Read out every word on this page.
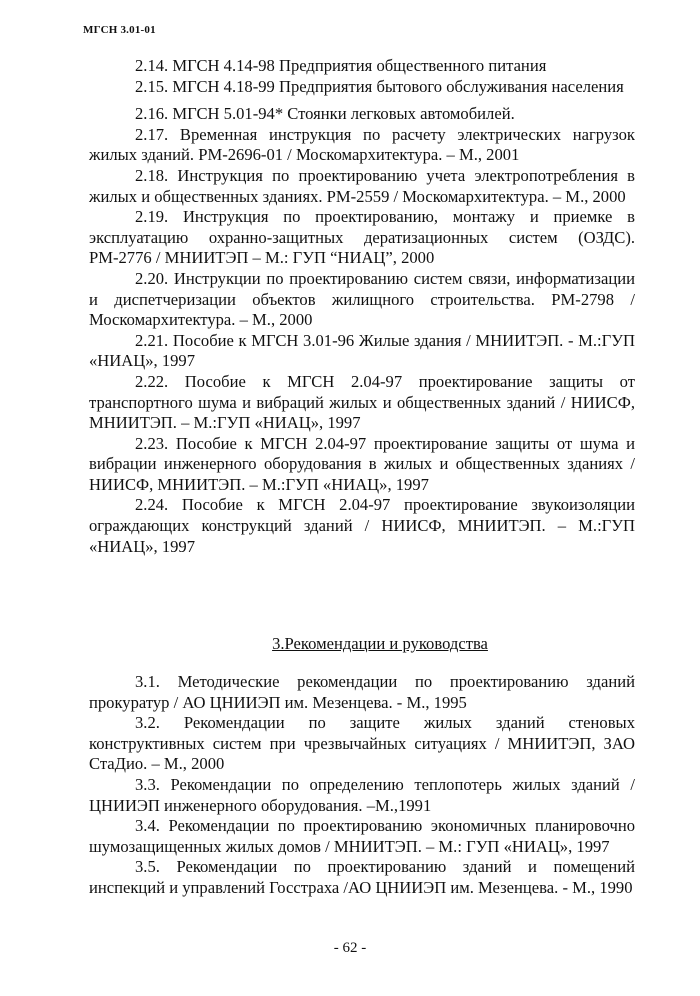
МГСН 3.01-01

2.14. МГСН 4.14-98 Предприятия общественного питания

2.15. МГСН 4.18-99 Предприятия бытового обслуживания населения

2.16. МГСН 5.01-94* Стоянки легковых автомобилей.

2.17. Временная инструкция по расчету электрических нагрузок жилых зданий. РМ-2696-01 / Москомархитектура. – М., 2001

2.18. Инструкция по проектированию учета электропотребления в жилых и общественных зданиях. РМ-2559 / Москомархитектура. – М., 2000

2.19. Инструкция по проектированию, монтажу и приемке в эксплуатацию охранно-защитных дератизационных систем (ОЗДС). РМ-2776 / МНИИТЭП – М.: ГУП “НИАЦ”, 2000

2.20. Инструкции по проектированию систем связи, информатизации и диспетчеризации объектов жилищного строительства. РМ-2798 / Москомархитектура. – М., 2000

2.21. Пособие к МГСН 3.01-96 Жилые здания / МНИИТЭП. - М.:ГУП «НИАЦ», 1997

2.22. Пособие к МГСН 2.04-97 проектирование защиты от транспортного шума и вибраций жилых и общественных зданий / НИИСФ, МНИИТЭП. – М.:ГУП «НИАЦ», 1997

2.23. Пособие к МГСН 2.04-97 проектирование защиты от шума и вибрации инженерного оборудования в жилых и общественных зданиях / НИИСФ, МНИИТЭП. – М.:ГУП «НИАЦ», 1997

2.24. Пособие к МГСН 2.04-97 проектирование звукоизоляции ограждающих конструкций зданий / НИИСФ, МНИИТЭП. – М.:ГУП «НИАЦ», 1997

3.Рекомендации и руководства

3.1. Методические рекомендации по проектированию зданий прокуратур / АО ЦНИИЭП им. Мезенцева. - М., 1995

3.2. Рекомендации по защите жилых зданий стеновых конструктивных систем при чрезвычайных ситуациях / МНИИТЭП, ЗАО СтаДио. – М., 2000

3.3. Рекомендации по определению теплопотерь жилых зданий / ЦНИИЭП инженерного оборудования. –М.,1991

3.4. Рекомендации по проектированию экономичных планировочно шумозащищенных жилых домов / МНИИТЭП. – М.: ГУП «НИАЦ», 1997

3.5. Рекомендации по проектированию зданий и помещений инспекций и управлений Госстраха /АО ЦНИИЭП им. Мезенцева. - М., 1990

- 62 -
